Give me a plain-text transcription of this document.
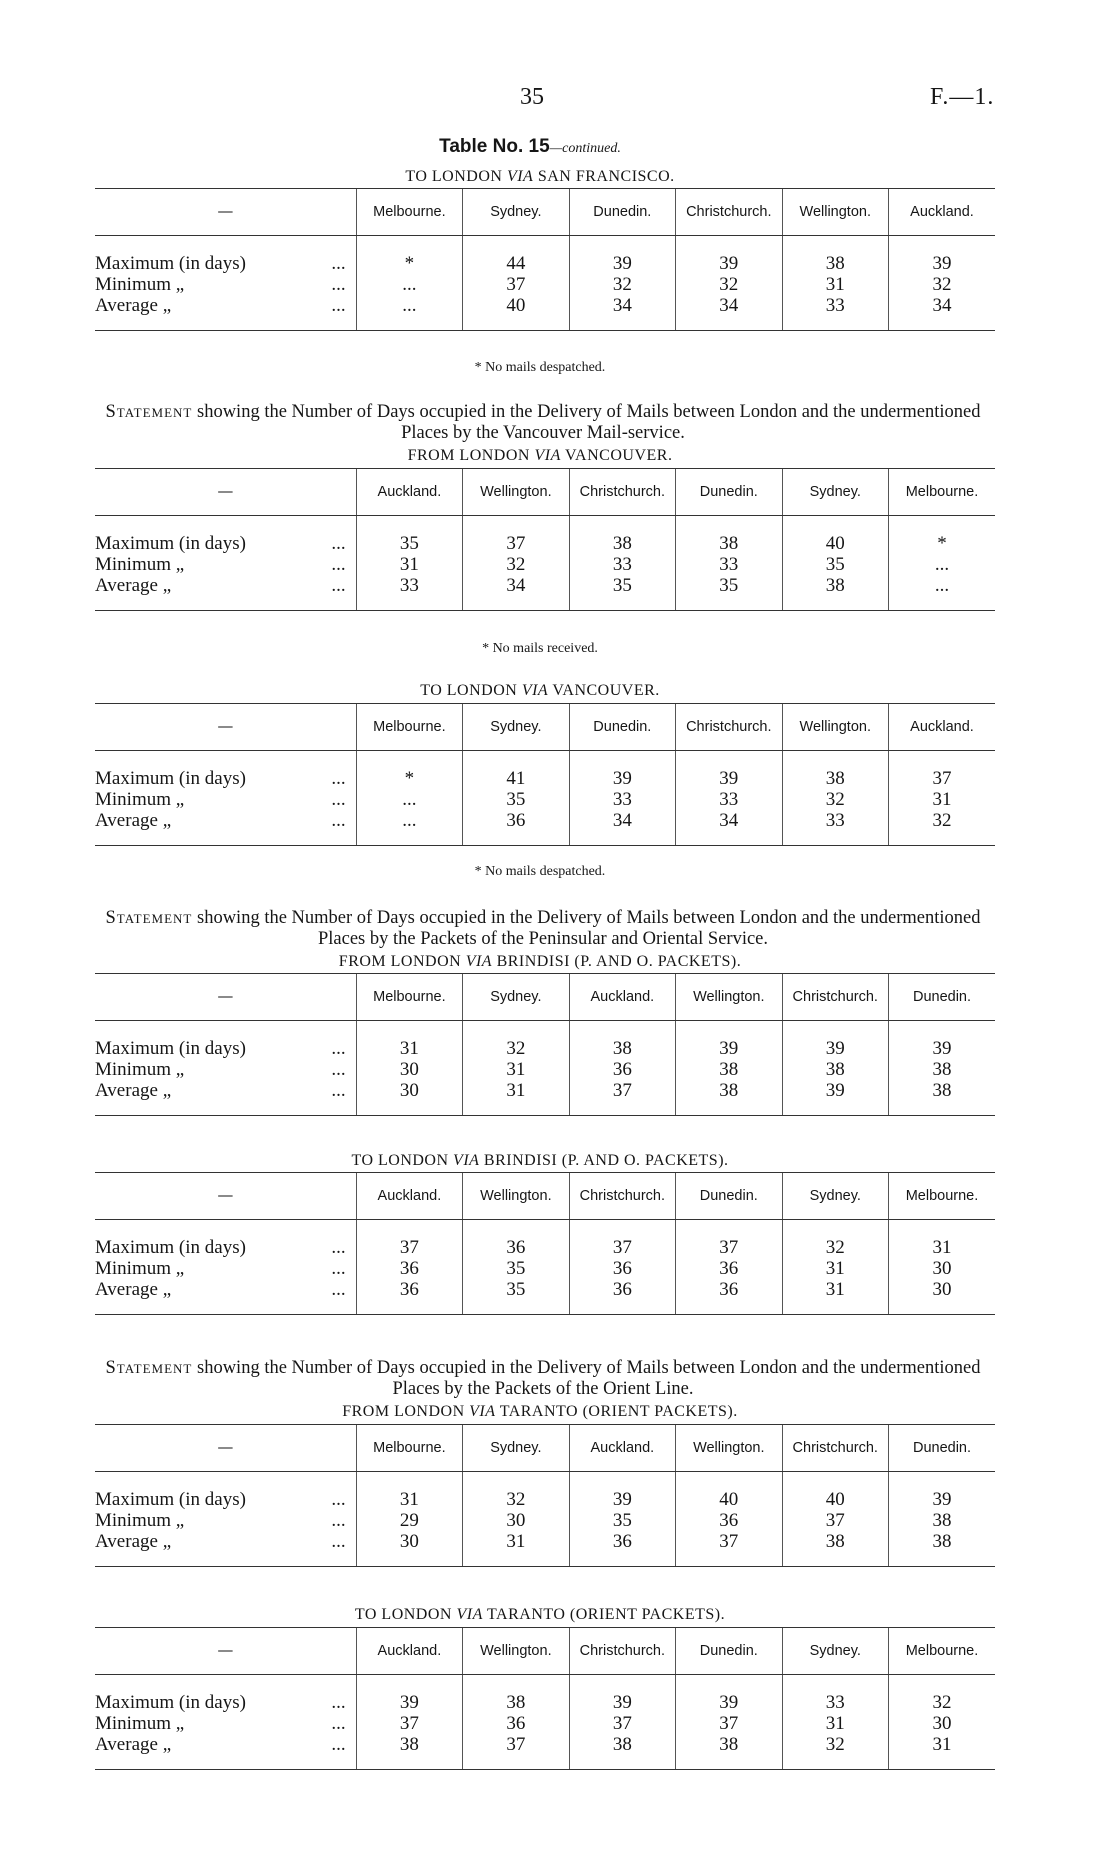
35	F.—1.
Table No. 15—continued.
TO LONDON VIA SAN FRANCISCO.
—	Melbourne.	Sydney.	Dunedin.	Christchurch.	Wellington.	Auckland.

Maximum (in days) ...	*	44	39	39	38	39
Minimum „ ...	...	37	32	32	31	32
Average „ ...	...	40	34	34	33	34
* No mails despatched.
Statement showing the Number of Days occupied in the Delivery of Mails between London and the undermentioned Places by the Vancouver Mail-service.
FROM LONDON VIA VANCOUVER.
—	Auckland.	Wellington.	Christchurch.	Dunedin.	Sydney.	Melbourne.

Maximum (in days) ...	35	37	38	38	40	*
Minimum „ ...	31	32	33	33	35	...
Average „ ...	33	34	35	35	38	...
* No mails received.
TO LONDON VIA VANCOUVER.
—	Melbourne.	Sydney.	Dunedin.	Christchurch.	Wellington.	Auckland.

Maximum (in days) ...	*	41	39	39	38	37
Minimum „ ...	...	35	33	33	32	31
Average „ ...	...	36	34	34	33	32
* No mails despatched.
Statement showing the Number of Days occupied in the Delivery of Mails between London and the undermentioned Places by the Packets of the Peninsular and Oriental Service.
FROM LONDON VIA BRINDISI (P. AND O. PACKETS).
—	Melbourne.	Sydney.	Auckland.	Wellington.	Christchurch.	Dunedin.

Maximum (in days) ...	31	32	38	39	39	39
Minimum „ ...	30	31	36	38	38	38
Average „ ...	30	31	37	38	39	38
TO LONDON VIA BRINDISI (P. AND O. PACKETS).
—	Auckland.	Wellington.	Christchurch.	Dunedin.	Sydney.	Melbourne.

Maximum (in days) ...	37	36	37	37	32	31
Minimum „ ...	36	35	36	36	31	30
Average „ ...	36	35	36	36	31	30
Statement showing the Number of Days occupied in the Delivery of Mails between London and the undermentioned Places by the Packets of the Orient Line.
FROM LONDON VIA TARANTO (ORIENT PACKETS).
—	Melbourne.	Sydney.	Auckland.	Wellington.	Christchurch.	Dunedin.

Maximum (in days) ...	31	32	39	40	40	39
Minimum „ ...	29	30	35	36	37	38
Average „ ...	30	31	36	37	38	38
TO LONDON VIA TARANTO (ORIENT PACKETS).
—	Auckland.	Wellington.	Christchurch.	Dunedin.	Sydney.	Melbourne.

Maximum (in days) ...	39	38	39	39	33	32
Minimum „ ...	37	36	37	37	31	30
Average „ ...	38	37	38	38	32	31
